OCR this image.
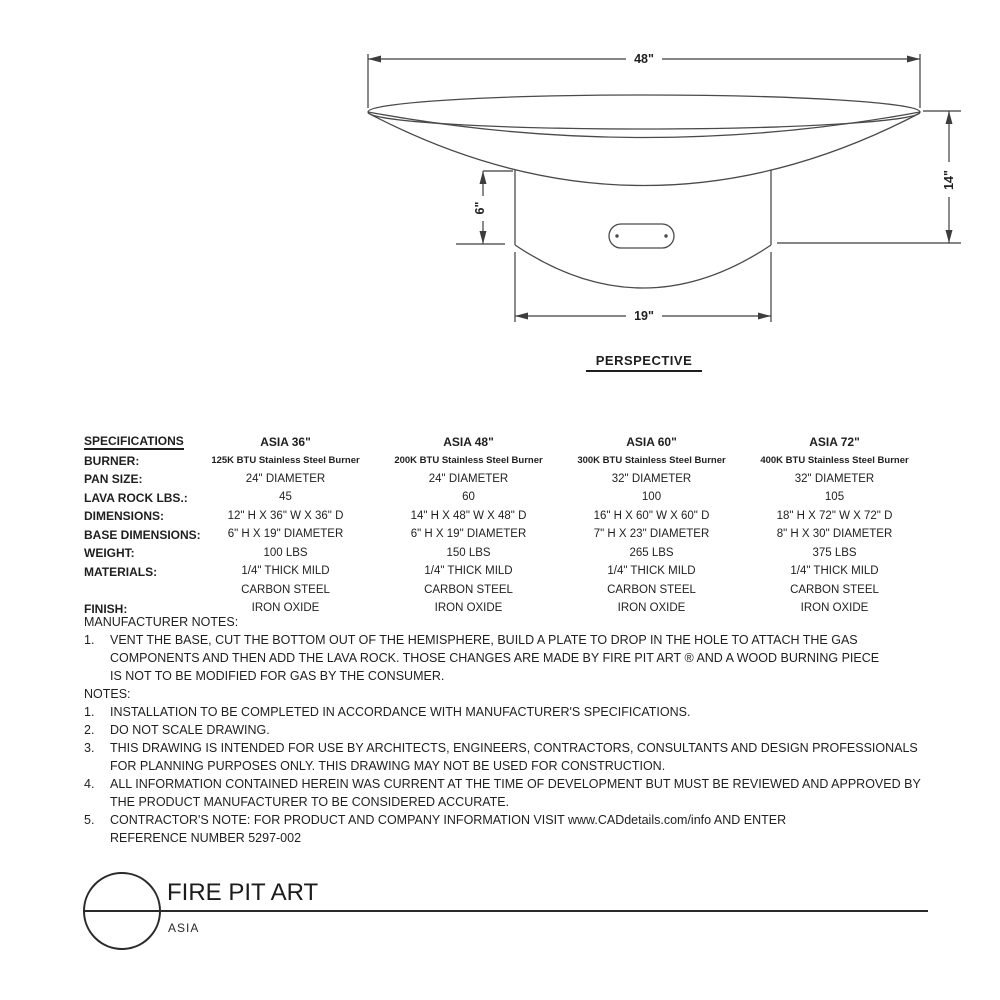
48"
14"
6"
19"
PERSPECTIVE
SPECIFICATIONS	ASIA 36"	ASIA 48"	ASIA 60"	ASIA 72"
BURNER:	125K BTU Stainless Steel Burner	200K BTU Stainless Steel Burner	300K BTU Stainless Steel Burner	400K BTU Stainless Steel Burner
PAN SIZE:	24" DIAMETER	24" DIAMETER	32" DIAMETER	32" DIAMETER
LAVA ROCK LBS.:	45	60	100	105
DIMENSIONS:	12" H X 36" W X 36" D	14" H X 48" W X 48" D	16" H X 60" W X 60" D	18" H X 72" W X 72" D
BASE DIMENSIONS:	6" H X 19" DIAMETER	6" H X 19" DIAMETER	7" H X 23" DIAMETER	8" H X 30" DIAMETER
WEIGHT:	100 LBS	150 LBS	265 LBS	375 LBS
MATERIALS:	1/4" THICK MILD	1/4" THICK MILD	1/4" THICK MILD	1/4" THICK MILD
CARBON STEEL	CARBON STEEL	CARBON STEEL	CARBON STEEL
FINISH:	IRON OXIDE	IRON OXIDE	IRON OXIDE	IRON OXIDE
MANUFACTURER NOTES:
1.	VENT THE BASE, CUT THE BOTTOM OUT OF THE HEMISPHERE, BUILD A PLATE TO DROP IN THE HOLE TO ATTACH THE GAS
COMPONENTS AND THEN ADD THE LAVA ROCK. THOSE CHANGES ARE MADE BY FIRE PIT ART ® AND A WOOD BURNING PIECE
IS NOT TO BE MODIFIED FOR GAS BY THE CONSUMER.
NOTES:
1.	INSTALLATION TO BE COMPLETED IN ACCORDANCE WITH MANUFACTURER'S SPECIFICATIONS.
2.	DO NOT SCALE DRAWING.
3.	THIS DRAWING IS INTENDED FOR USE BY ARCHITECTS, ENGINEERS, CONTRACTORS, CONSULTANTS AND DESIGN PROFESSIONALS
FOR PLANNING PURPOSES ONLY. THIS DRAWING MAY NOT BE USED FOR CONSTRUCTION.
4.	ALL INFORMATION CONTAINED HEREIN WAS CURRENT AT THE TIME OF DEVELOPMENT BUT MUST BE REVIEWED AND APPROVED BY
THE PRODUCT MANUFACTURER TO BE CONSIDERED ACCURATE.
5.	CONTRACTOR'S NOTE: FOR PRODUCT AND COMPANY INFORMATION VISIT www.CADdetails.com/info AND ENTER
REFERENCE NUMBER 5297-002
FIRE PIT ART
ASIA
